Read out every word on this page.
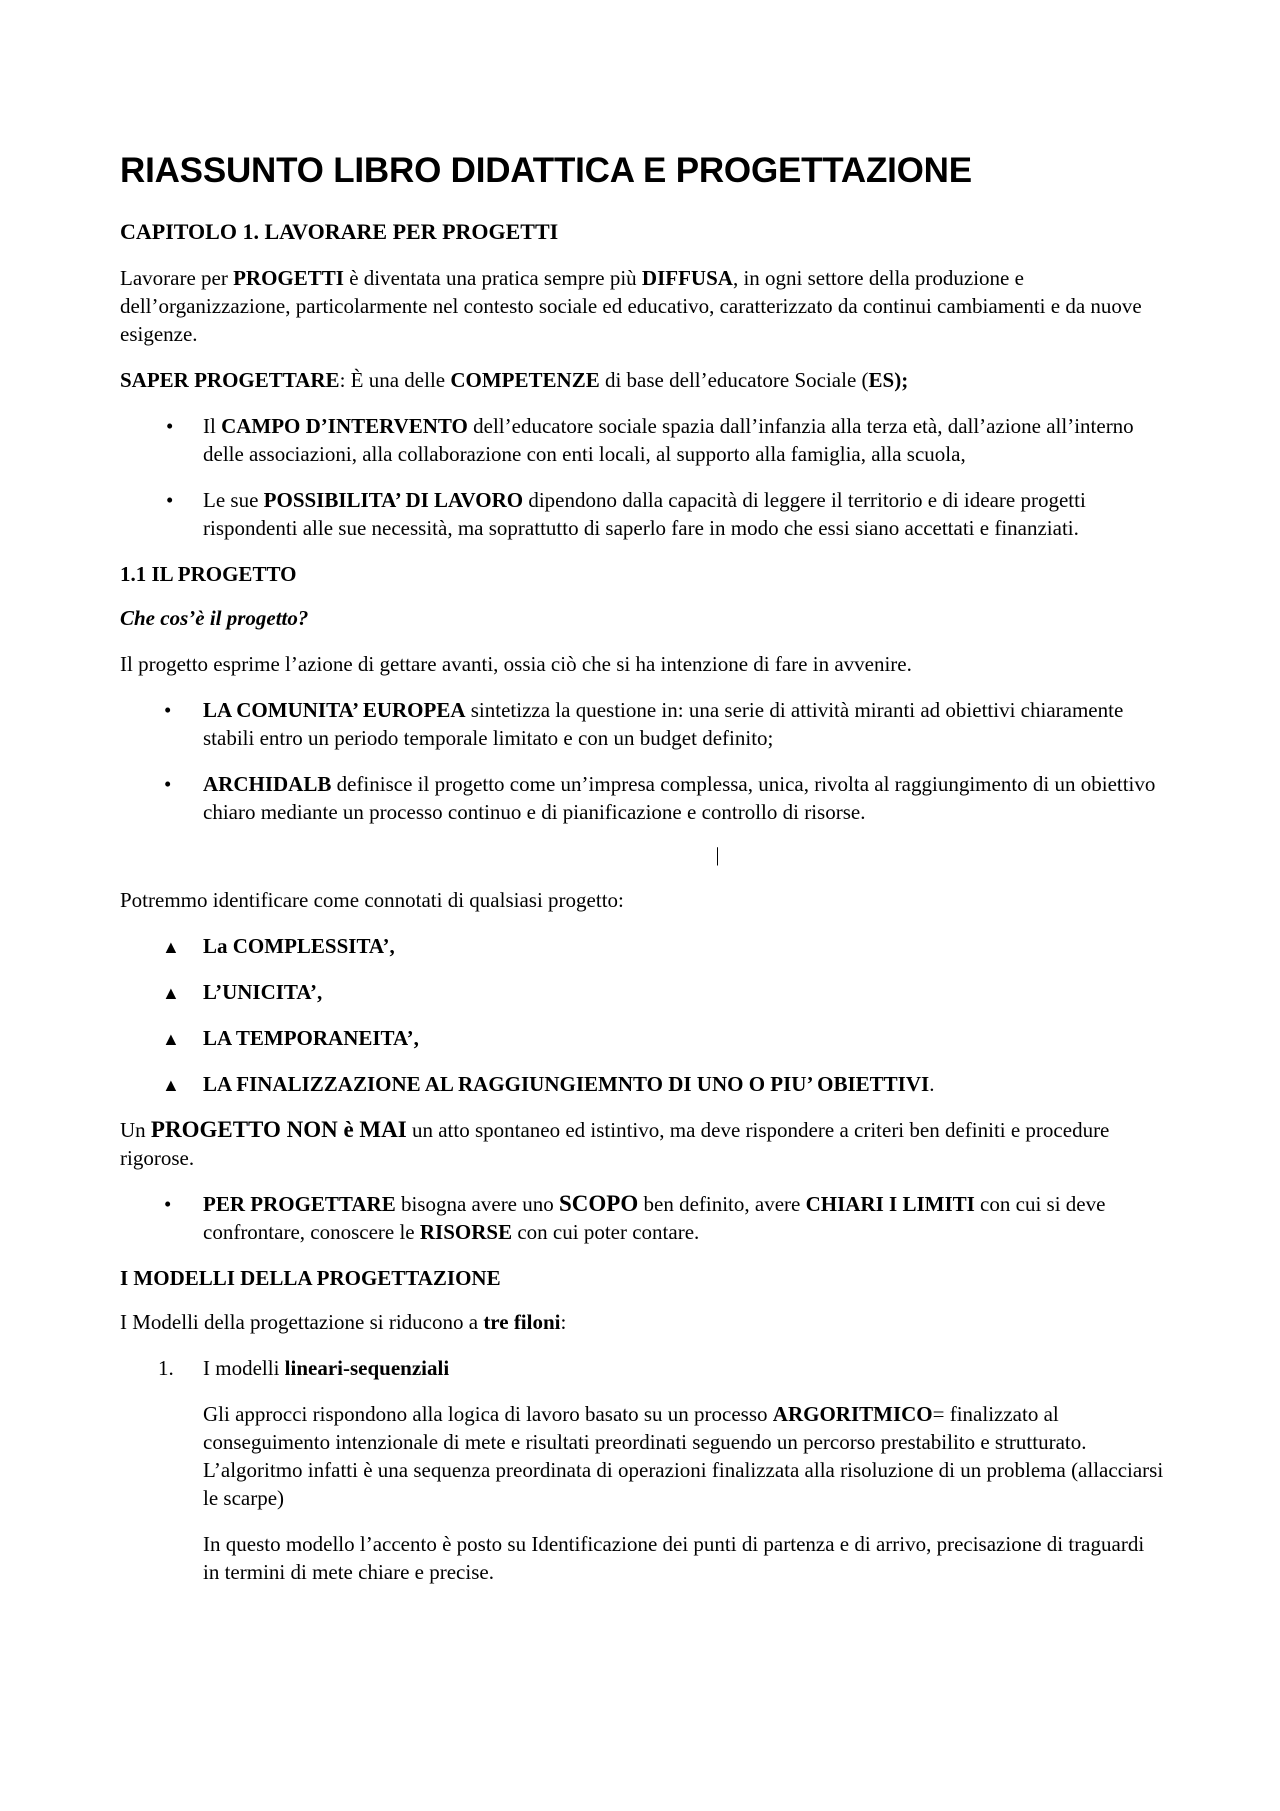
RIASSUNTO LIBRO DIDATTICA E PROGETTAZIONE
CAPITOLO 1. LAVORARE PER PROGETTI

Lavorare per PROGETTI è diventata una pratica sempre più DIFFUSA, in ogni settore della produzione e dell’organizzazione, particolarmente nel contesto sociale ed educativo, caratterizzato da continui cambiamenti e da nuove esigenze.

SAPER PROGETTARE: È una delle COMPETENZE di base dell’educatore Sociale (ES);

• Il CAMPO D’INTERVENTO dell’educatore sociale spazia dall’infanzia alla terza età, dall’azione all’interno delle associazioni, alla collaborazione con enti locali, al supporto alla famiglia, alla scuola,
• Le sue POSSIBILITA’ DI LAVORO dipendono dalla capacità di leggere il territorio e di ideare progetti rispondenti alle sue necessità, ma soprattutto di saperlo fare in modo che essi siano accettati e finanziati.
1.1 IL PROGETTO

Che cos’è il progetto?

Il progetto esprime l’azione di gettare avanti, ossia ciò che si ha intenzione di fare in avvenire.

• LA COMUNITA’ EUROPEA sintetizza la questione in: una serie di attività miranti ad obiettivi chiaramente stabili entro un periodo temporale limitato e con un budget definito;
• ARCHIDALB definisce il progetto come un’impresa complessa, unica, rivolta al raggiungimento di un obiettivo chiaro mediante un processo continuo e di pianificazione e controllo di risorse.
|

Potremmo identificare come connotati di qualsiasi progetto:

▲ La COMPLESSITA’,
▲ L’UNICITA’,
▲ LA TEMPORANEITA’,
▲ LA FINALIZZAZIONE AL RAGGIUNGIEMNTO DI UNO O PIU’ OBIETTIVI.

Un PROGETTO NON è MAI un atto spontaneo ed istintivo, ma deve rispondere a criteri ben definiti e procedure rigorose.

• PER PROGETTARE bisogna avere uno SCOPO ben definito, avere CHIARI I LIMITI con cui si deve confrontare, conoscere le RISORSE con cui poter contare.
I MODELLI DELLA PROGETTAZIONE

I Modelli della progettazione si riducono a tre filoni:

1. I modelli lineari-sequenziali

Gli approcci rispondono alla logica di lavoro basato su un processo ARGORITMICO= finalizzato al conseguimento intenzionale di mete e risultati preordinati seguendo un percorso prestabilito e strutturato. L’algoritmo infatti è una sequenza preordinata di operazioni finalizzata alla risoluzione di un problema (allacciarsi le scarpe)

In questo modello l’accento è posto su Identificazione dei punti di partenza e di arrivo, precisazione di traguardi in termini di mete chiare e precise.
